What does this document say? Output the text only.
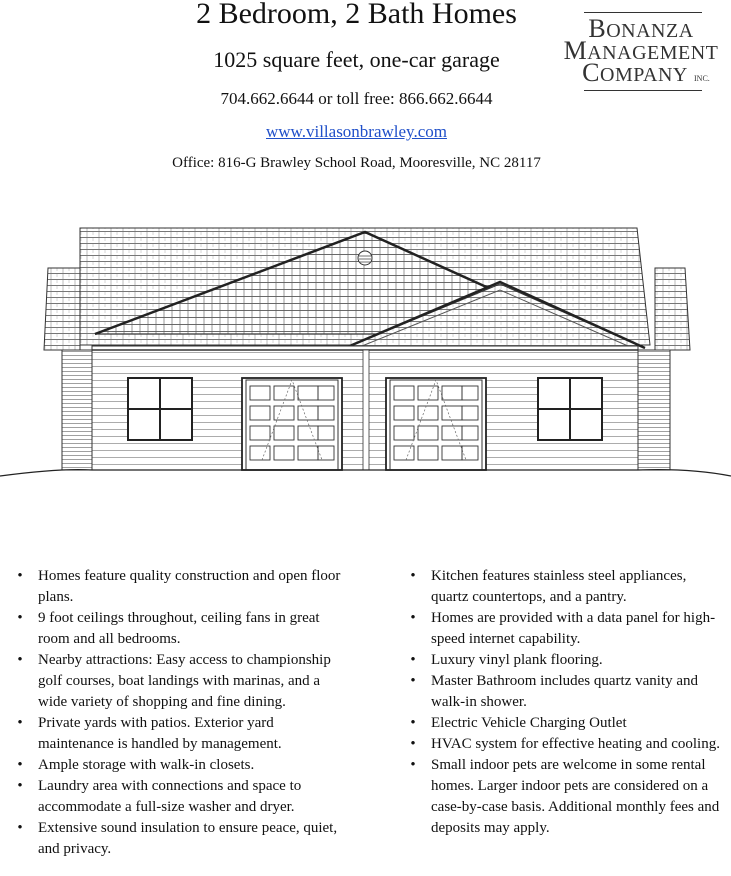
2 Bedroom, 2 Bath Homes
1025 square feet, one-car garage
704.662.6644 or toll free: 866.662.6644
www.villasonbrawley.com
Office: 816-G Brawley School Road, Mooresville, NC 28117
BONANZA
MANAGEMENT
COMPANY INC.
• Homes feature quality construction and open floor plans.
• 9 foot ceilings throughout, ceiling fans in great room and all bedrooms.
• Nearby attractions: Easy access to championship golf courses, boat landings with marinas, and a wide variety of shopping and fine dining.
• Private yards with patios. Exterior yard maintenance is handled by management.
• Ample storage with walk-in closets.
• Laundry area with connections and space to accommodate a full-size washer and dryer.
• Extensive sound insulation to ensure peace, quiet, and privacy.
• Kitchen features stainless steel appliances, quartz countertops, and a pantry.
• Homes are provided with a data panel for high-speed internet capability.
• Luxury vinyl plank flooring.
• Master Bathroom includes quartz vanity and walk-in shower.
• Electric Vehicle Charging Outlet
• HVAC system for effective heating and cooling.
• Small indoor pets are welcome in some rental homes. Larger indoor pets are considered on a case-by-case basis. Additional monthly fees and deposits may apply.
